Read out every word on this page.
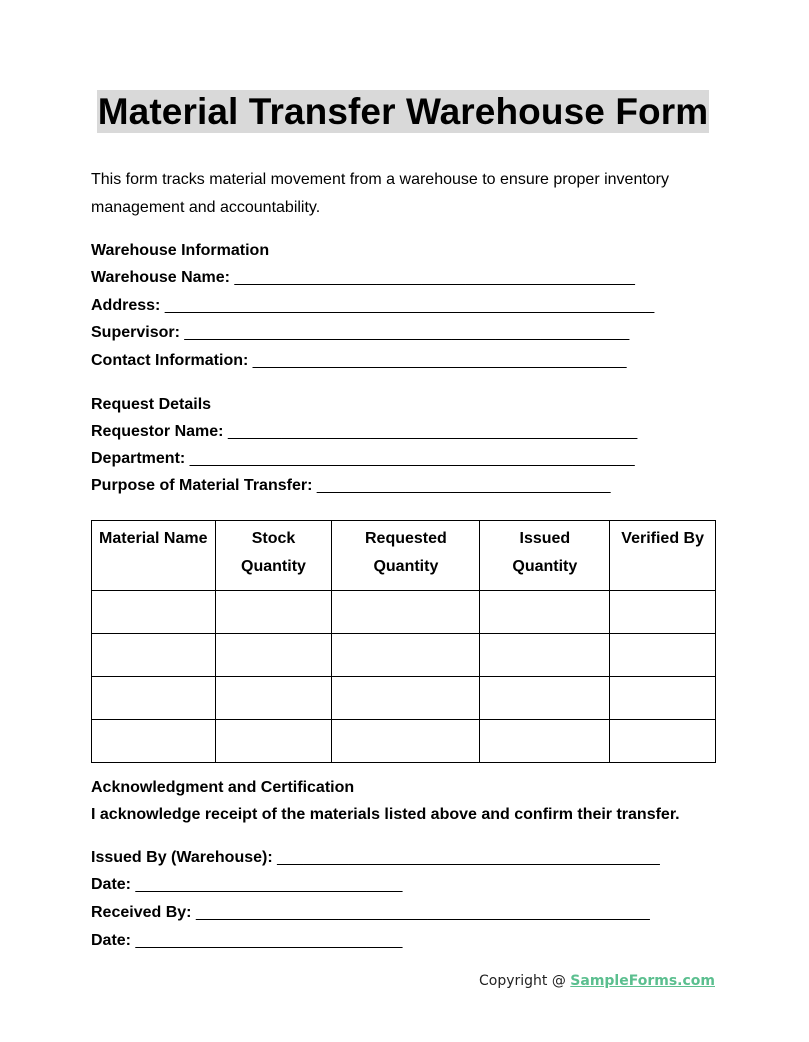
Material Transfer Warehouse Form
This form tracks material movement from a warehouse to ensure proper inventory management and accountability.
Warehouse Information
Warehouse Name: _____________________________________________
Address: _______________________________________________________
Supervisor: __________________________________________________
Contact Information: __________________________________________
Request Details
Requestor Name: ______________________________________________
Department: __________________________________________________
Purpose of Material Transfer: _________________________________
Material Name	Stock Quantity	Requested Quantity	Issued Quantity	Verified By

Acknowledgment and Certification
I acknowledge receipt of the materials listed above and confirm their transfer.
Issued By (Warehouse): ___________________________________________
Date: ______________________________
Received By: ___________________________________________________
Date: ______________________________
Copyright @ SampleForms.com
